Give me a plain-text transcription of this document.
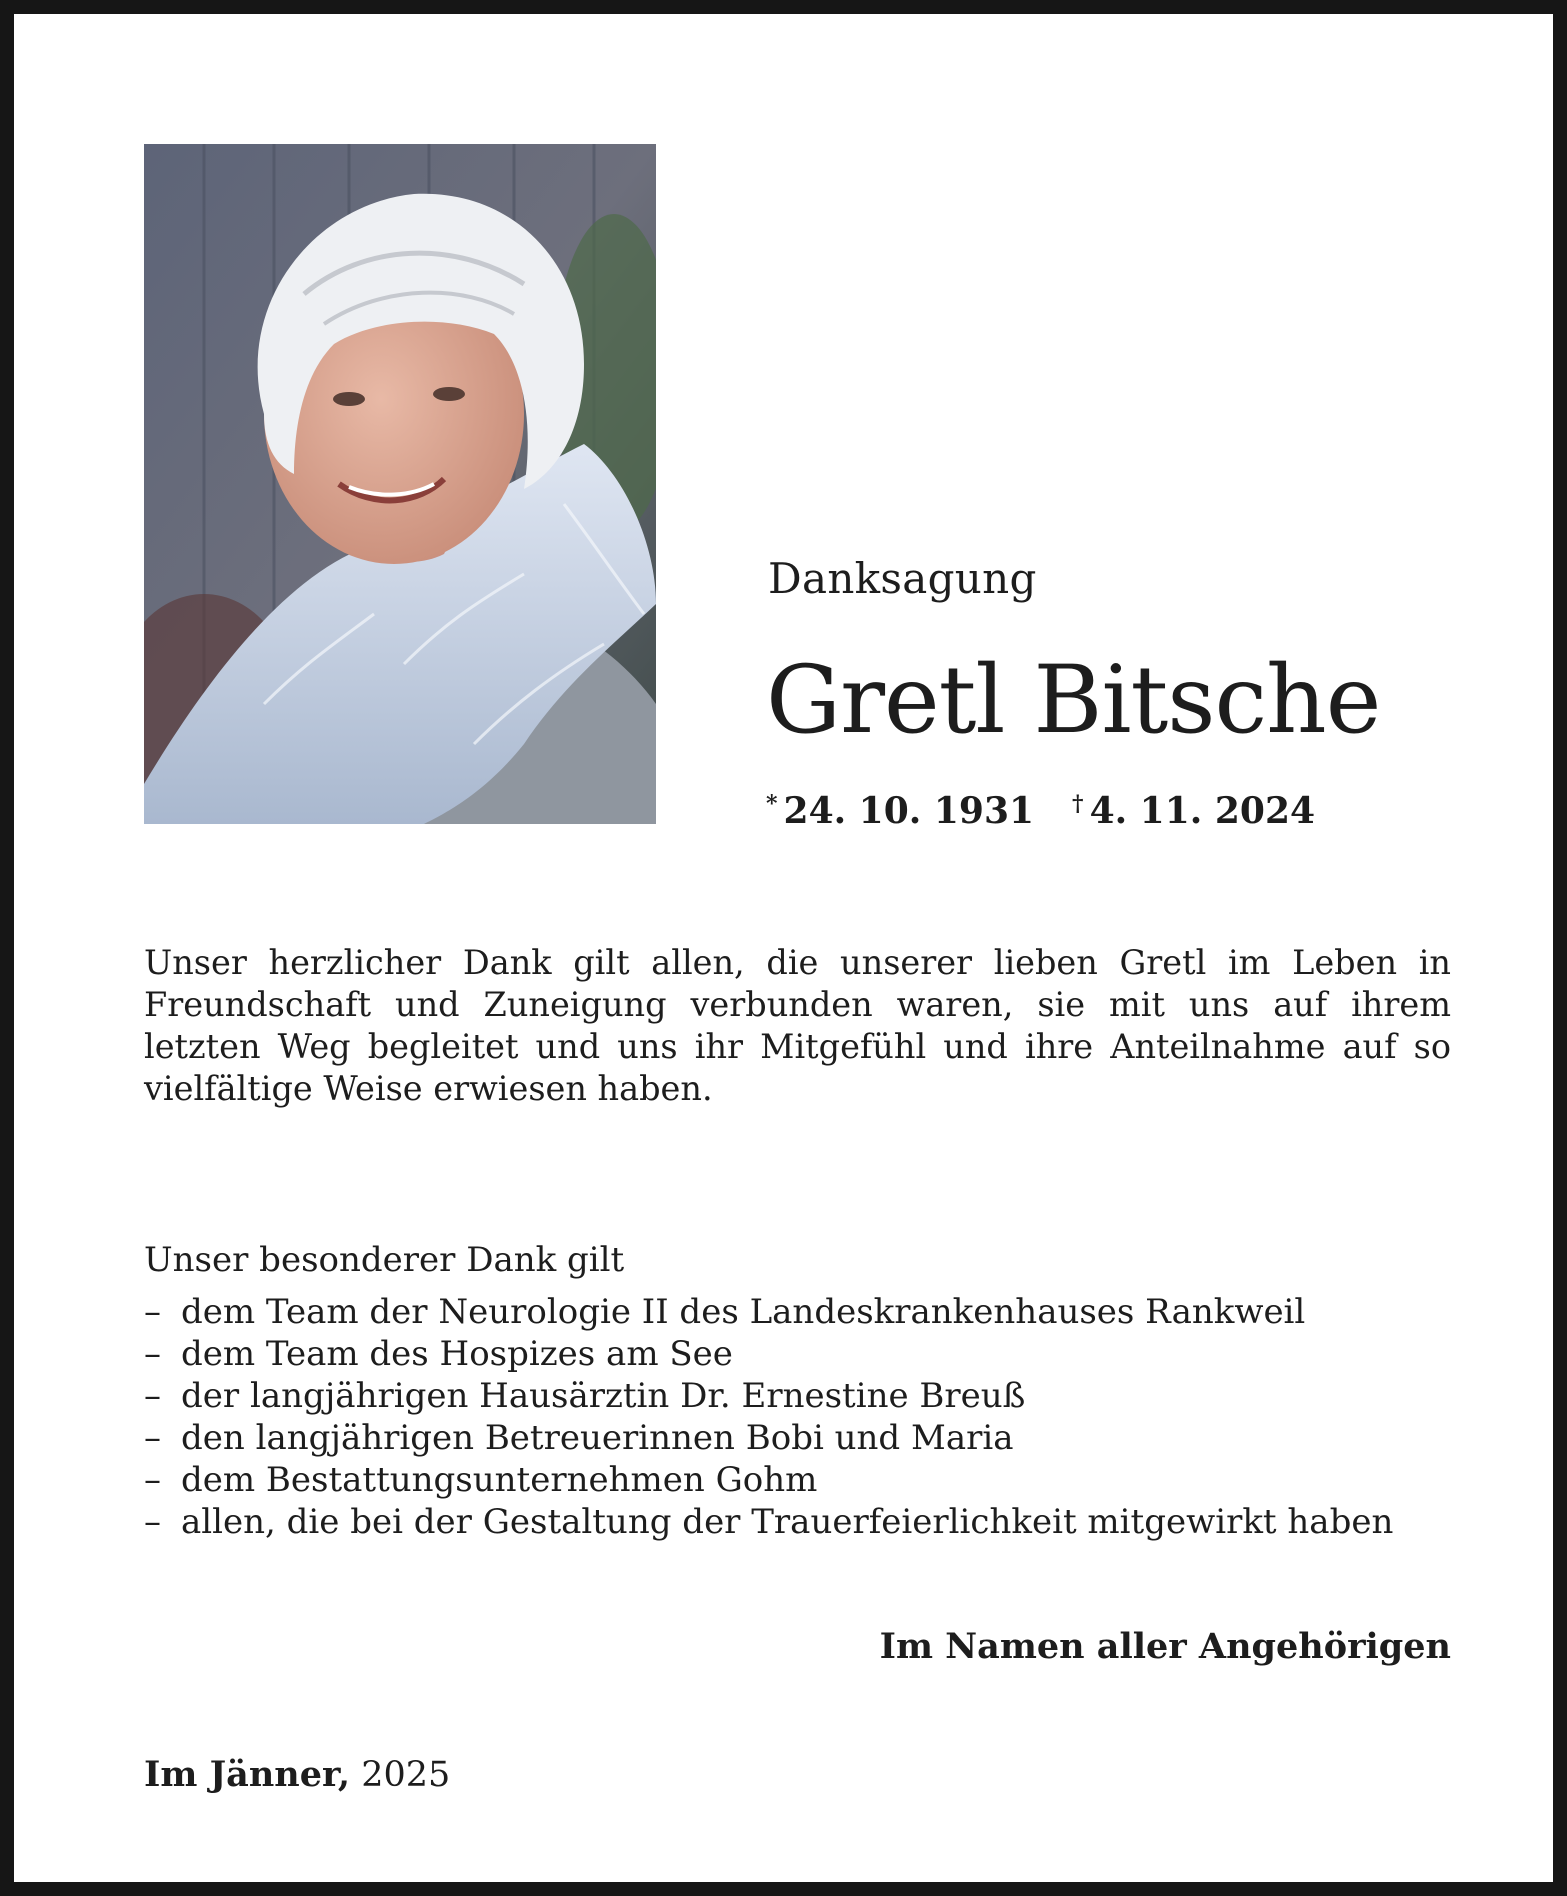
Danksagung
Gretl Bitsche
* 24. 10. 1931 † 4. 11. 2024

Unser herzlicher Dank gilt allen, die unserer lieben Gretl im Leben in Freundschaft und Zuneigung verbunden waren, sie mit uns auf ihrem letzten Weg begleitet und uns ihr Mitgefühl und ihre Anteilnahme auf so vielfältige Weise erwiesen haben.

Unser besonderer Dank gilt
– dem Team der Neurologie II des Landeskrankenhauses Rankweil
– dem Team des Hospizes am See
– der langjährigen Hausärztin Dr. Ernestine Breuß
– den langjährigen Betreuerinnen Bobi und Maria
– dem Bestattungsunternehmen Gohm
– allen, die bei der Gestaltung der Trauerfeierlichkeit mitgewirkt haben
Im Namen aller Angehörigen
Im Jänner, 2025
